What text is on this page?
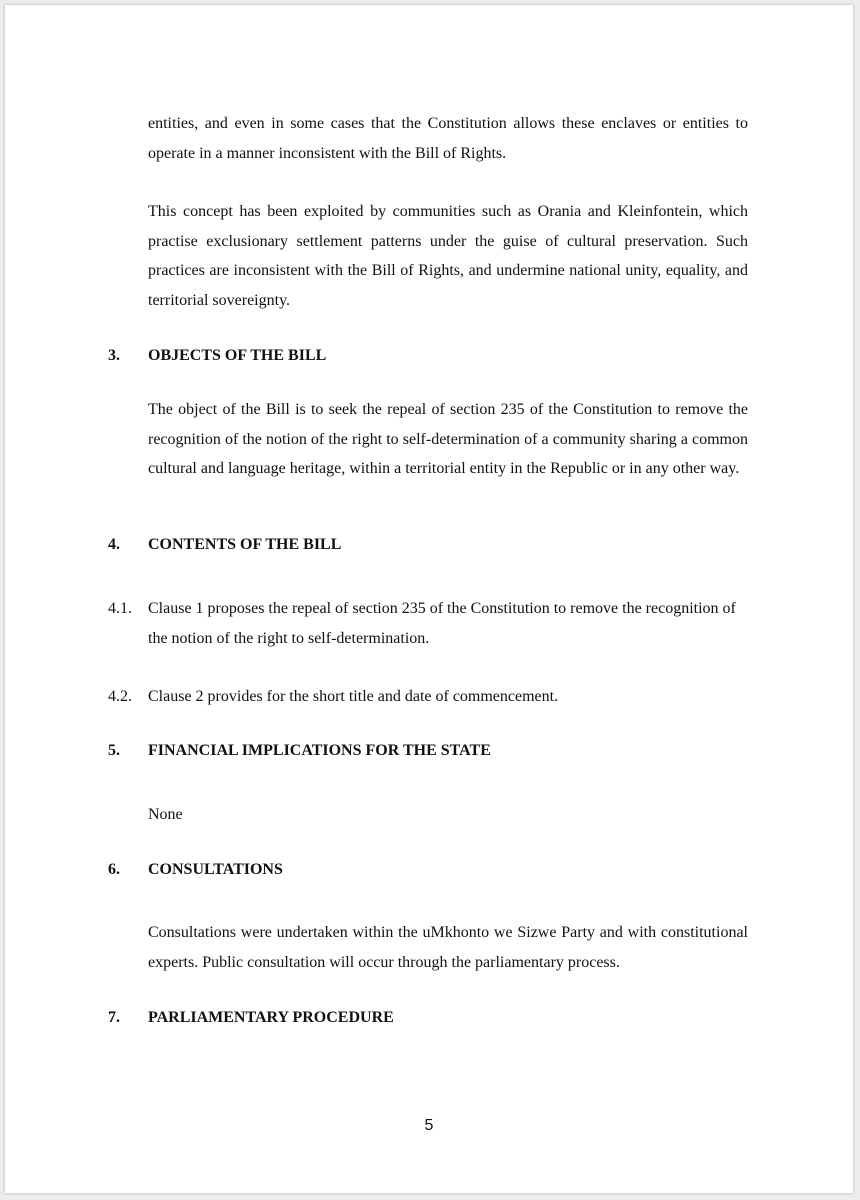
entities, and even in some cases that the Constitution allows these enclaves or entities to operate in a manner inconsistent with the Bill of Rights.

This concept has been exploited by communities such as Orania and Kleinfontein, which practise exclusionary settlement patterns under the guise of cultural preservation. Such practices are inconsistent with the Bill of Rights, and undermine national unity, equality, and territorial sovereignty.

3. OBJECTS OF THE BILL

The object of the Bill is to seek the repeal of section 235 of the Constitution to remove the recognition of the notion of the right to self-determination of a community sharing a common cultural and language heritage, within a territorial entity in the Republic or in any other way.

4. CONTENTS OF THE BILL
4.1. Clause 1 proposes the repeal of section 235 of the Constitution to remove the recognition of the notion of the right to self-determination.
4.2. Clause 2 provides for the short title and date of commencement.
5. FINANCIAL IMPLICATIONS FOR THE STATE

None

6. CONSULTATIONS

Consultations were undertaken within the uMkhonto we Sizwe Party and with constitutional experts. Public consultation will occur through the parliamentary process.

7. PARLIAMENTARY PROCEDURE
5
